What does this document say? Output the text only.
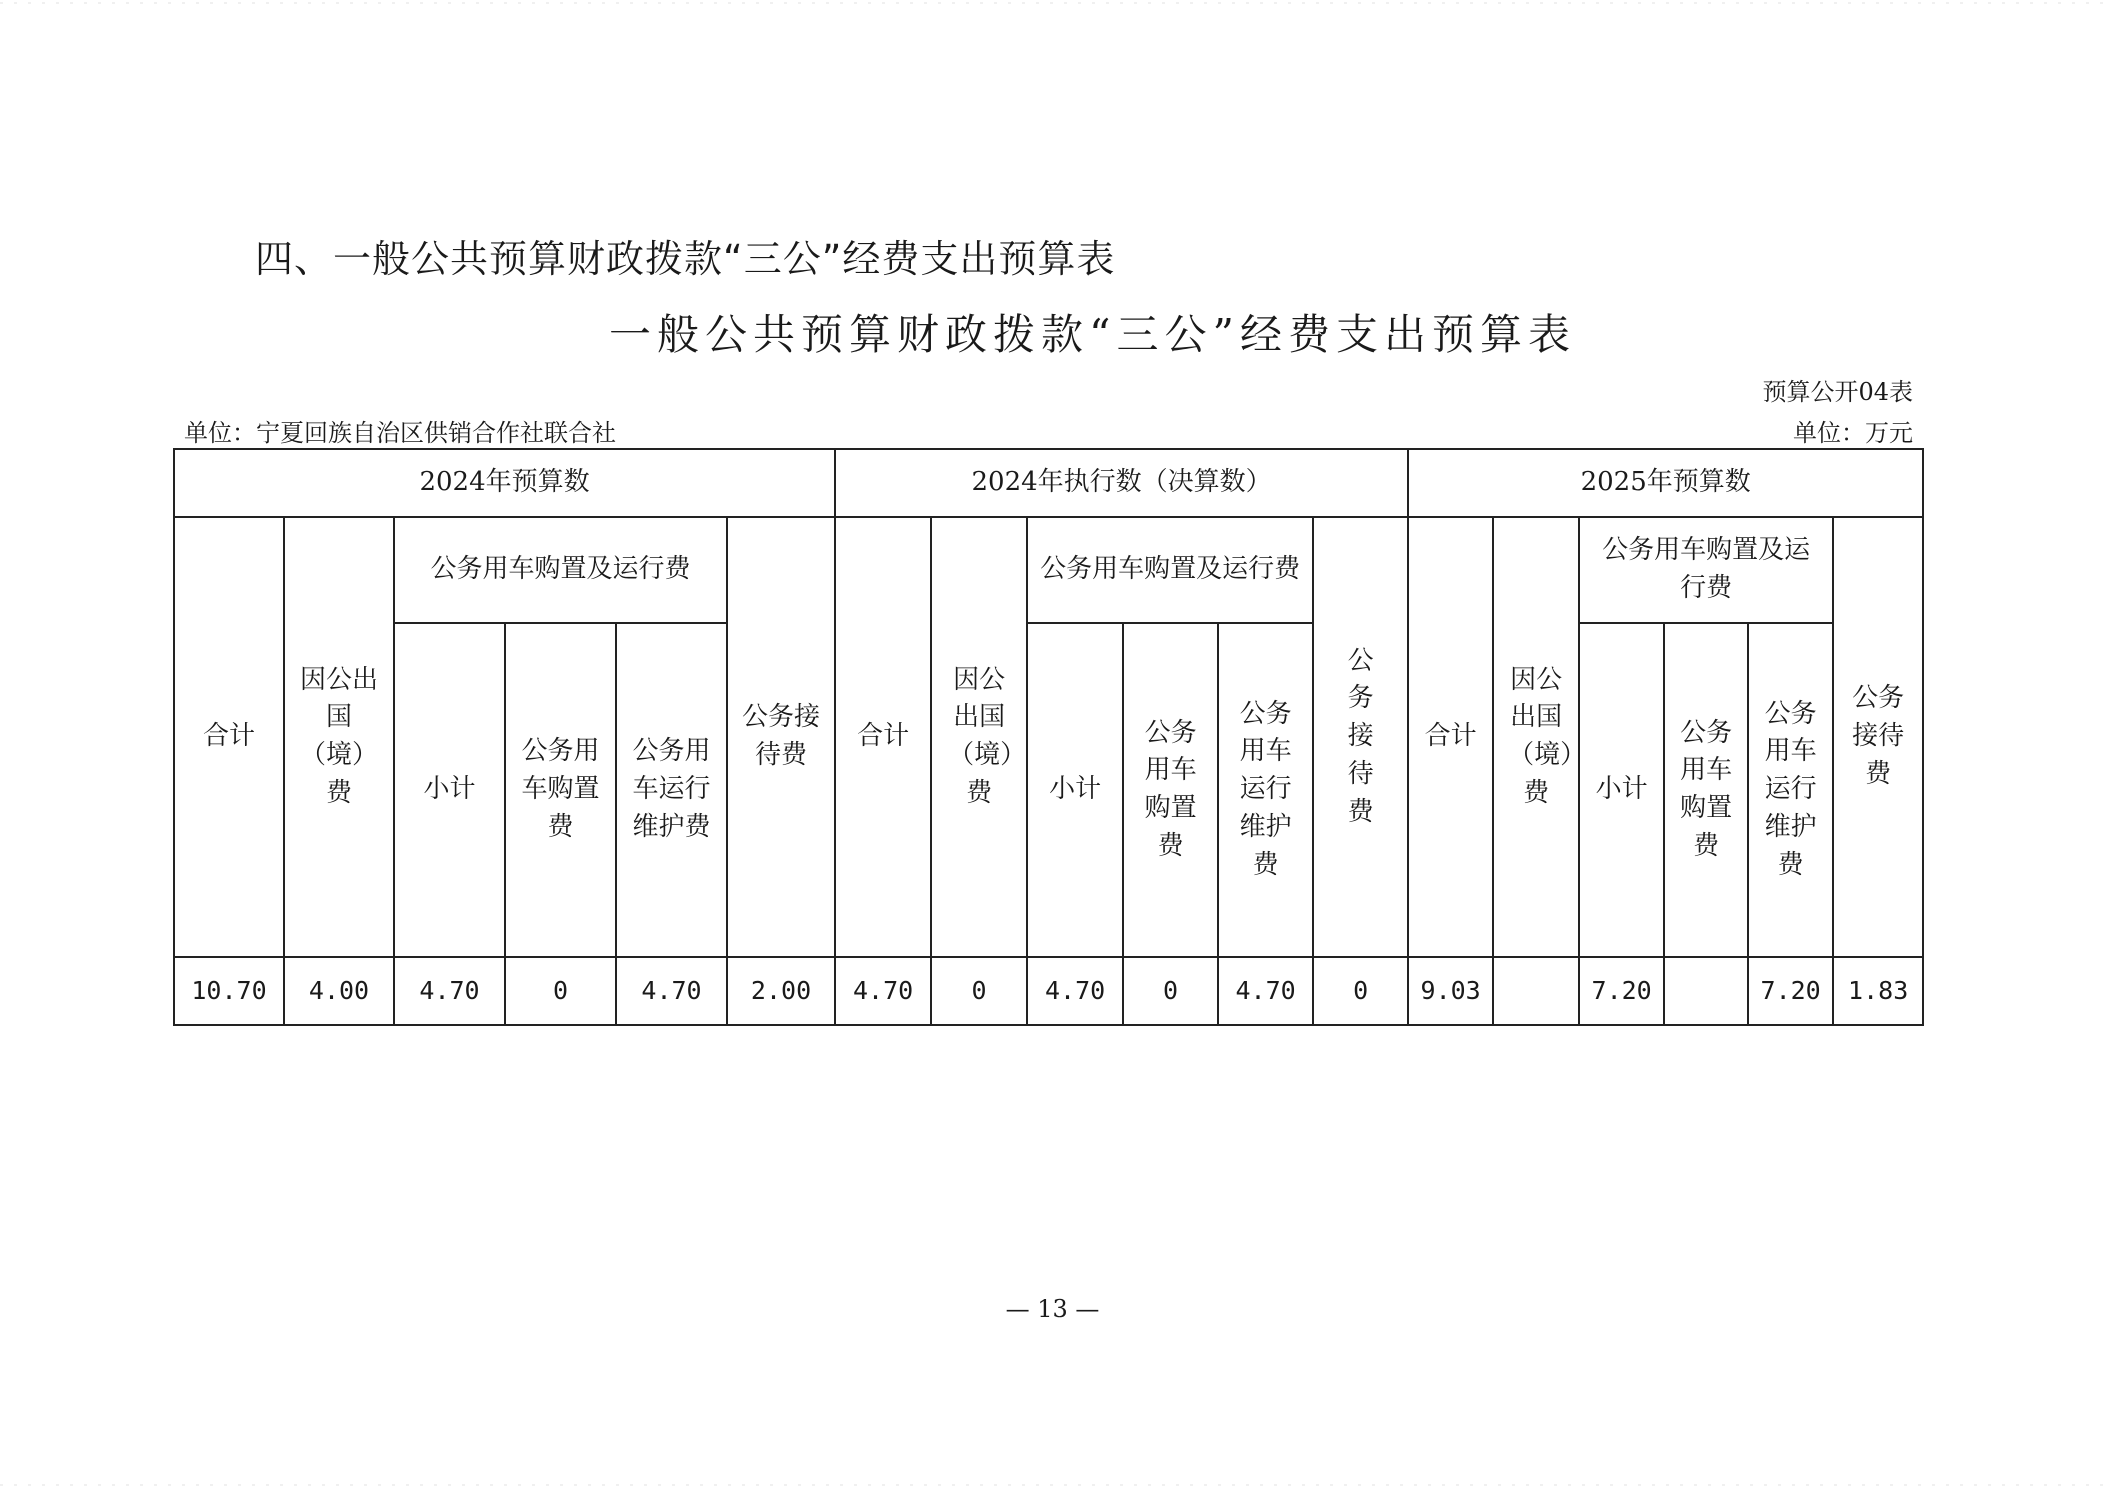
四、一般公共预算财政拨款“三公”经费支出预算表
一般公共预算财政拨款“三公”经费支出预算表
预算公开04表
单位：宁夏回族自治区供销合作社联合社	单位：万元
2024年预算数						2024年执行数（决算数）						2025年预算数					
合计	因公出国（境）费	公务用车购置及运行费			公务接待费	合计	因公出国（境）费	公务用车购置及运行费			公务接待费	合计	因公出国（境）费	公务用车购置及运行费			公务接待费
		小计	公务用车购置费	公务用车运行维护费				小计	公务用车购置费	公务用车运行维护费				小计	公务用车购置费	公务用车运行维护费	
10.70	4.00	4.70	0	4.70	2.00	4.70	0	4.70	0	4.70	0	9.03		7.20		7.20	1.83
— 13 —
